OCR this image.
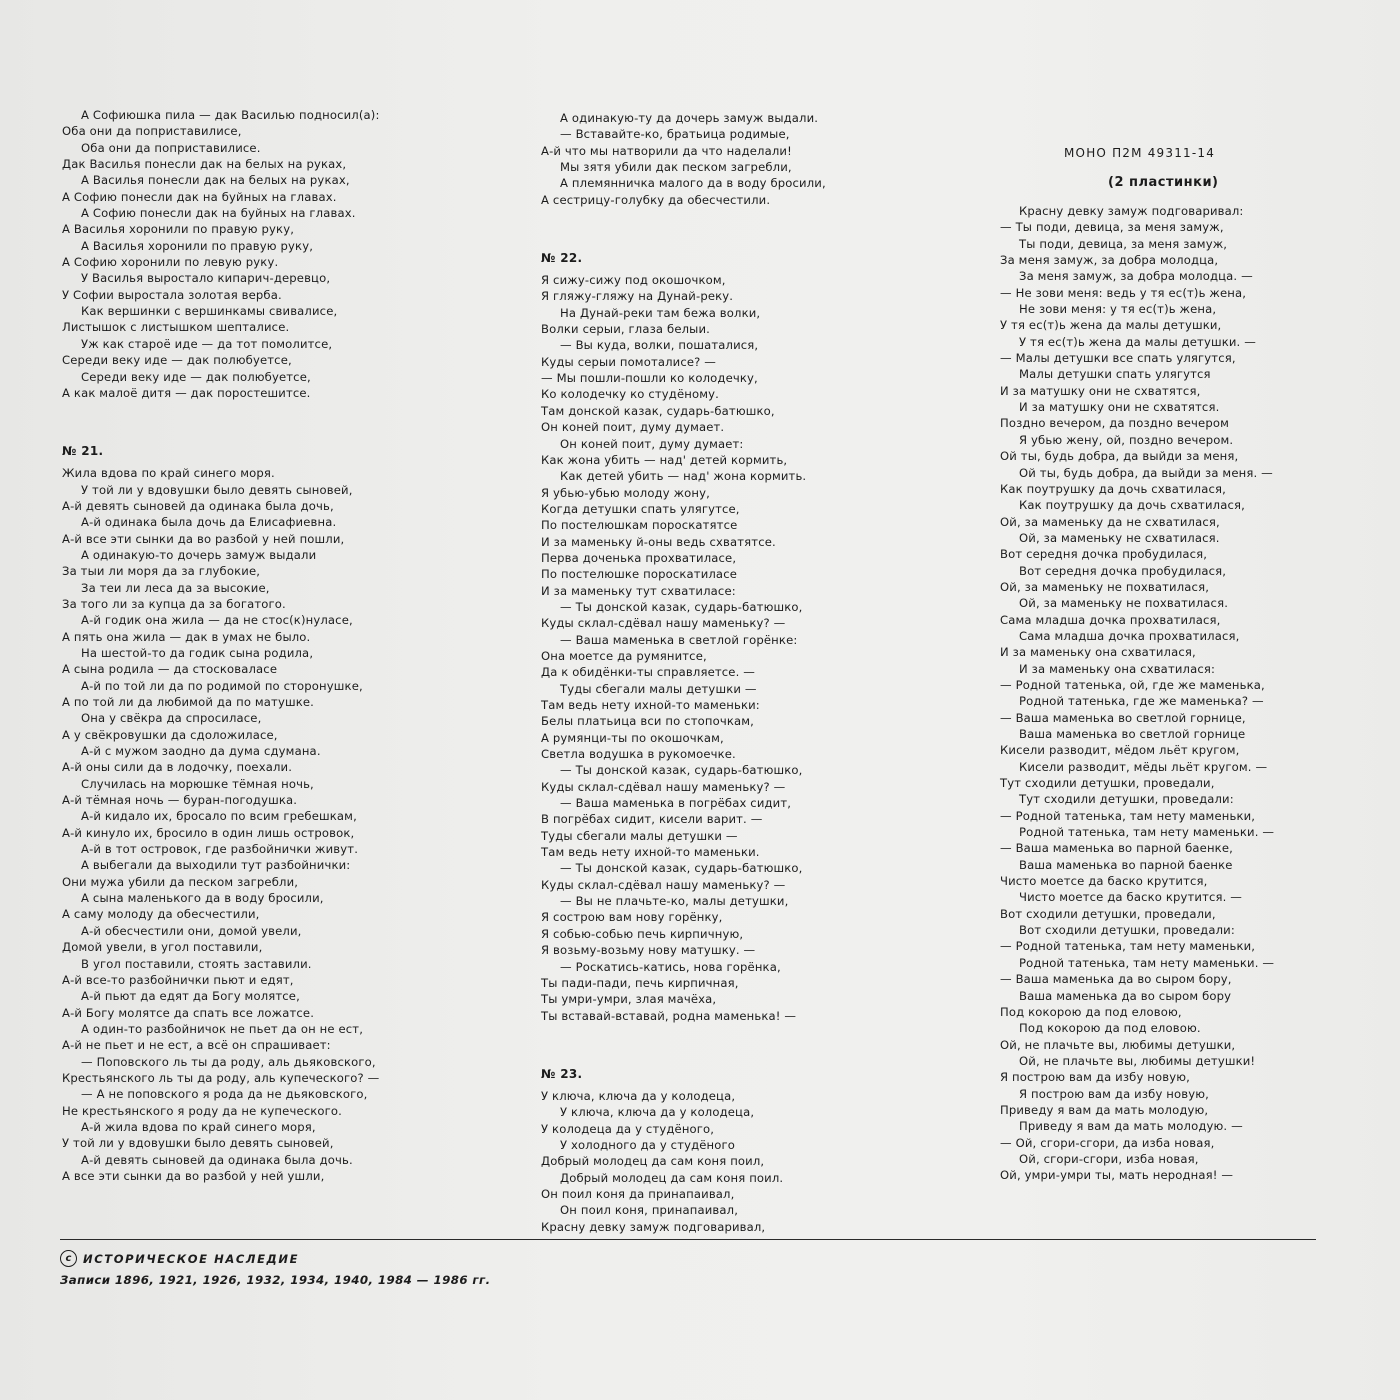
МОНО П2М 49311-14
(2 пластинки)
А Софиюшка пила — дак Василью подносил(а):
Оба они да поприставилисе,
Оба они да поприставилисе.
Дак Василья понесли дак на белых на руках,
А Василья понесли дак на белых на руках,
А Софию понесли дак на буйных на главах.
А Софию понесли дак на буйных на главах.
А Василья хоронили по правую руку,
А Василья хоронили по правую руку,
А Софию хоронили по левую руку.
У Василья выростало кипарич-деревцо,
У Софии выростала золотая верба.
Как вершинки с вершинкамы свивалисе,
Листышок с листышком шепталисе.
Уж как староё иде — да тот помолитсе,
Середи веку иде — дак полюбуетсе,
Середи веку иде — дак полюбуетсе,
А как малоё дитя — дак поростешитсе.
№ 21.
Жила вдова по край синего моря.
У той ли у вдовушки было девять сыновей,
А-й девять сыновей да одинака была дочь,
А-й одинака была дочь да Елисафиевна.
А-й все эти сынки да во разбой у ней пошли,
А одинакую-то дочерь замуж выдали
За тыи ли моря да за глубокие,
За теи ли леса да за высокие,
За того ли за купца да за богатого.
А-й годик она жила — да не стос(к)нуласе,
А пять она жила — дак в умах не было.
На шестой-то да годик сына родила,
А сына родила — да стосковаласе
А-й по той ли да по родимой по сторонушке,
А по той ли да любимой да по матушке.
Она у свёкра да спросиласе,
А у свёкровушки да сдоложиласе,
А-й с мужом заодно да дума сдумана.
А-й оны сили да в лодочку, поехали.
Случилась на морюшке тёмная ночь,
А-й тёмная ночь — буран-погодушка.
А-й кидало их, бросало по всим гребешкам,
А-й кинуло их, бросило в один лишь островок,
А-й в тот островок, где разбойнички живут.
А выбегали да выходили тут разбойнички:
Они мужа убили да песком загребли,
А сына маленького да в воду бросили,
А саму молоду да обесчестили,
А-й обесчестили они, домой увели,
Домой увели, в угол поставили,
В угол поставили, стоять заставили.
А-й все-то разбойнички пьют и едят,
А-й пьют да едят да Богу молятсе,
А-й Богу молятсе да спать все ложатсе.
А один-то разбойничок не пьет да он не ест,
А-й не пьет и не ест, а всё он спрашивает:
— Поповского ль ты да роду, аль дьяковского,
Крестьянского ль ты да роду, аль купеческого? —
— А не поповского я рода да не дьяковского,
Не крестьянского я роду да не купеческого.
А-й жила вдова по край синего моря,
У той ли у вдовушки было девять сыновей,
А-й девять сыновей да одинака была дочь.
А все эти сынки да во разбой у ней ушли,
А одинакую-ту да дочерь замуж выдали.
— Вставайте-ко, братьица родимые,
А-й что мы натворили да что наделали!
Мы зятя убили дак песком загребли,
А племянничка малого да в воду бросили,
А сестрицу-голубку да обесчестили.
№ 22.
Я сижу-сижу под окошочком,
Я гляжу-гляжу на Дунай-реку.
На Дунай-реки там бежа волки,
Волки серыи, глаза белыи.
— Вы куда, волки, пошаталися,
Куды серыи помоталисе? —
— Мы пошли-пошли ко колодечку,
Ко колодечку ко студёному.
Там донской казак, сударь-батюшко,
Он коней поит, думу думает.
Он коней поит, думу думает:
Как жона убить — над' детей кормить,
Как детей убить — над' жона кормить.
Я убью-убью молоду жону,
Когда детушки спать улягутсе,
По постелюшкам пороскатятсе
И за маменьку й-оны ведь схватятсе.
Перва доченька прохватиласе,
По постелюшке пороскатиласе
И за маменьку тут схватиласе:
— Ты донской казак, сударь-батюшко,
Куды склал-сдёвал нашу маменьку? —
— Ваша маменька в светлой горёнке:
Она моетсе да румянитсе,
Да к обидёнки-ты справляетсе. —
Туды сбегали малы детушки —
Там ведь нету ихной-то маменьки:
Белы платьица вси по стопочкам,
А румянци-ты по окошочкам,
Светла водушка в рукомоечке.
— Ты донской казак, сударь-батюшко,
Куды склал-сдёвал нашу маменьку? —
— Ваша маменька в погрёбах сидит,
В погрёбах сидит, кисели варит. —
Туды сбегали малы детушки —
Там ведь нету ихной-то маменьки.
— Ты донской казак, сударь-батюшко,
Куды склал-сдёвал нашу маменьку? —
— Вы не плачьте-ко, малы детушки,
Я сострою вам нову горёнку,
Я собью-собью печь кирпичную,
Я возьму-возьму нову матушку. —
— Роскатись-катись, нова горёнка,
Ты пади-пади, печь кирпичная,
Ты умри-умри, злая мачёха,
Ты вставай-вставай, родна маменька! —
№ 23.
У ключа, ключа да у колодеца,
У ключа, ключа да у колодеца,
У колодеца да у студёного,
У холодного да у студёного
Добрый молодец да сам коня поил,
Добрый молодец да сам коня поил.
Он поил коня да принапаивал,
Он поил коня, принапаивал,
Красну девку замуж подговаривал,
Красну девку замуж подговаривал:
— Ты поди, девица, за меня замуж,
Ты поди, девица, за меня замуж,
За меня замуж, за добра молодца,
За меня замуж, за добра молодца. —
— Не зови меня: ведь у тя ес(т)ь жена,
Не зови меня: у тя ес(т)ь жена,
У тя ес(т)ь жена да малы детушки,
У тя ес(т)ь жена да малы детушки. —
— Малы детушки все спать улягутся,
Малы детушки спать улягутся
И за матушку они не схватятся,
И за матушку они не схватятся.
Поздно вечером, да поздно вечером
Я убью жену, ой, поздно вечером.
Ой ты, будь добра, да выйди за меня,
Ой ты, будь добра, да выйди за меня. —
Как поутрушку да дочь схватилася,
Как поутрушку да дочь схватилася,
Ой, за маменьку да не схватилася,
Ой, за маменьку не схватилася.
Вот середня дочка пробудилася,
Вот середня дочка пробудилася,
Ой, за маменьку не похватилася,
Ой, за маменьку не похватилася.
Сама младша дочка прохватилася,
Сама младша дочка прохватилася,
И за маменьку она схватилася,
И за маменьку она схватилася:
— Родной татенька, ой, где же маменька,
Родной татенька, где же маменька? —
— Ваша маменька во светлой горнице,
Ваша маменька во светлой горнице
Кисели разводит, мёдом льёт кругом,
Кисели разводит, мёды льёт кругом. —
Тут сходили детушки, проведали,
Тут сходили детушки, проведали:
— Родной татенька, там нету маменьки,
Родной татенька, там нету маменьки. —
— Ваша маменька во парной баенке,
Ваша маменька во парной баенке
Чисто моетсе да баско крутится,
Чисто моетсе да баско крутится. —
Вот сходили детушки, проведали,
Вот сходили детушки, проведали:
— Родной татенька, там нету маменьки,
Родной татенька, там нету маменьки. —
— Ваша маменька да во сыром бору,
Ваша маменька да во сыром бору
Под кокорою да под еловою,
Под кокорою да под еловою.
Ой, не плачьте вы, любимы детушки,
Ой, не плачьте вы, любимы детушки!
Я построю вам да избу новую,
Я построю вам да избу новую,
Приведу я вам да мать молодую,
Приведу я вам да мать молодую. —
— Ой, сгори-сгори, да изба новая,
Ой, сгори-сгори, изба новая,
Ой, умри-умри ты, мать неродная! —
c	ИСТОРИЧЕСКОЕ НАСЛЕДИЕ
Записи 1896, 1921, 1926, 1932, 1934, 1940, 1984 — 1986 гг.
